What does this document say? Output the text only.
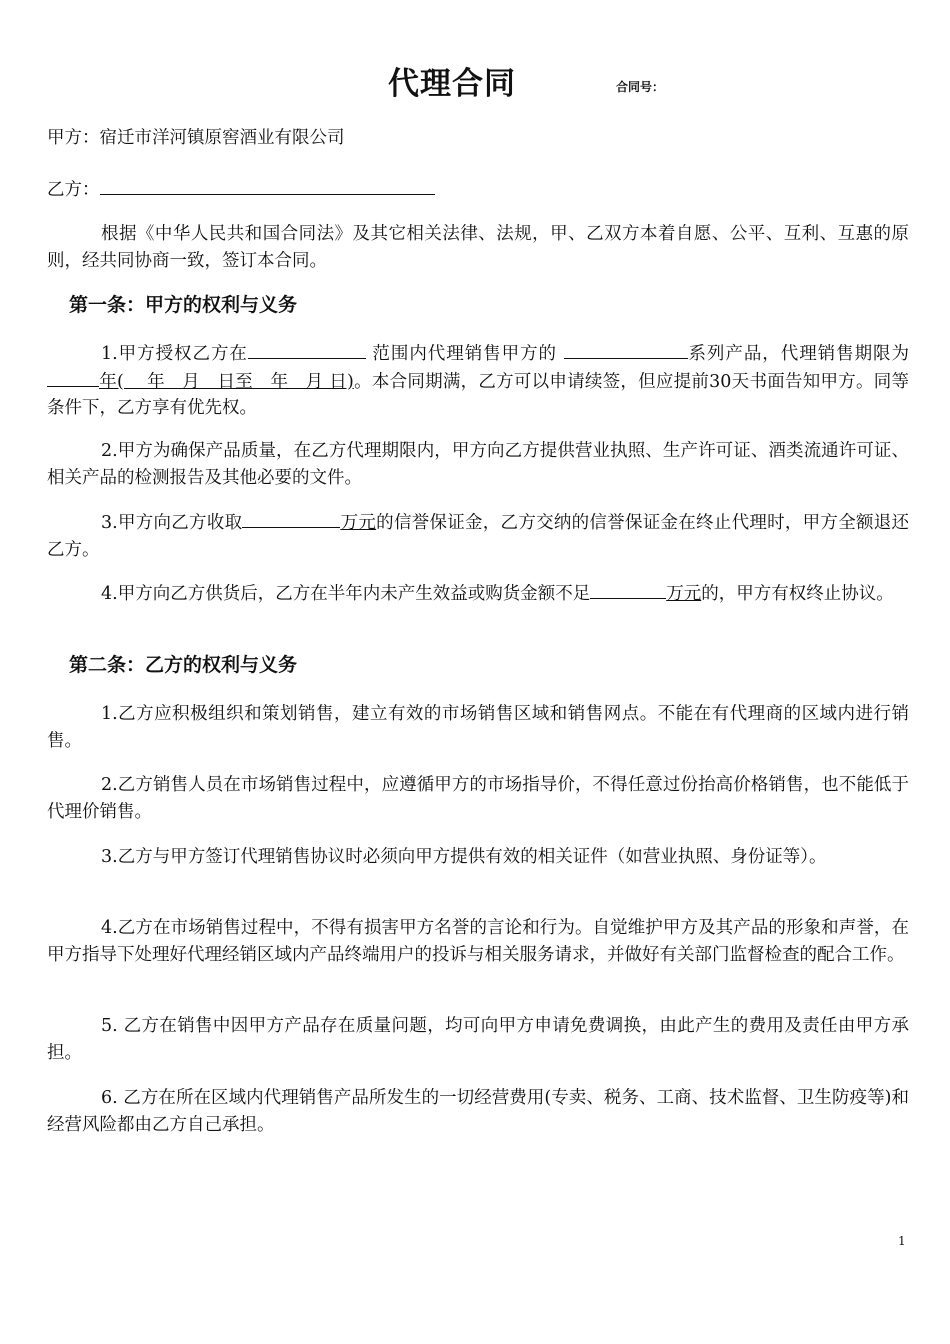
代理合同	合同号：
甲方：宿迁市洋河镇原窖酒业有限公司
乙方：
根据《中华人民共和国合同法》及其它相关法律、法规，甲、乙双方本着自愿、公平、互利、互惠的原则，经共同协商一致，签订本合同。
第一条：甲方的权利与义务
1.甲方授权乙方在	范围内代理销售甲方的	系列产品，代理销售期限为年(    年   月   日至   年   月 日)。本合同期满，乙方可以申请续签，但应提前30天书面告知甲方。同等条件下，乙方享有优先权。
2.甲方为确保产品质量，在乙方代理期限内，甲方向乙方提供营业执照、生产许可证、酒类流通许可证、相关产品的检测报告及其他必要的文件。
3.甲方向乙方收取	万元的信誉保证金，乙方交纳的信誉保证金在终止代理时，甲方全额退还乙方。
4.甲方向乙方供货后，乙方在半年内未产生效益或购货金额不足	万元的，甲方有权终止协议。
第二条：乙方的权利与义务
1.乙方应积极组织和策划销售，建立有效的市场销售区域和销售网点。不能在有代理商的区域内进行销售。
2.乙方销售人员在市场销售过程中，应遵循甲方的市场指导价，不得任意过份抬高价格销售，也不能低于代理价销售。
3.乙方与甲方签订代理销售协议时必须向甲方提供有效的相关证件（如营业执照、身份证等）。
4.乙方在市场销售过程中，不得有损害甲方名誉的言论和行为。自觉维护甲方及其产品的形象和声誉，在甲方指导下处理好代理经销区域内产品终端用户的投诉与相关服务请求，并做好有关部门监督检查的配合工作。
5. 乙方在销售中因甲方产品存在质量问题，均可向甲方申请免费调换，由此产生的费用及责任由甲方承担。
6. 乙方在所在区域内代理销售产品所发生的一切经营费用(专卖、税务、工商、技术监督、卫生防疫等)和经营风险都由乙方自己承担。
1
